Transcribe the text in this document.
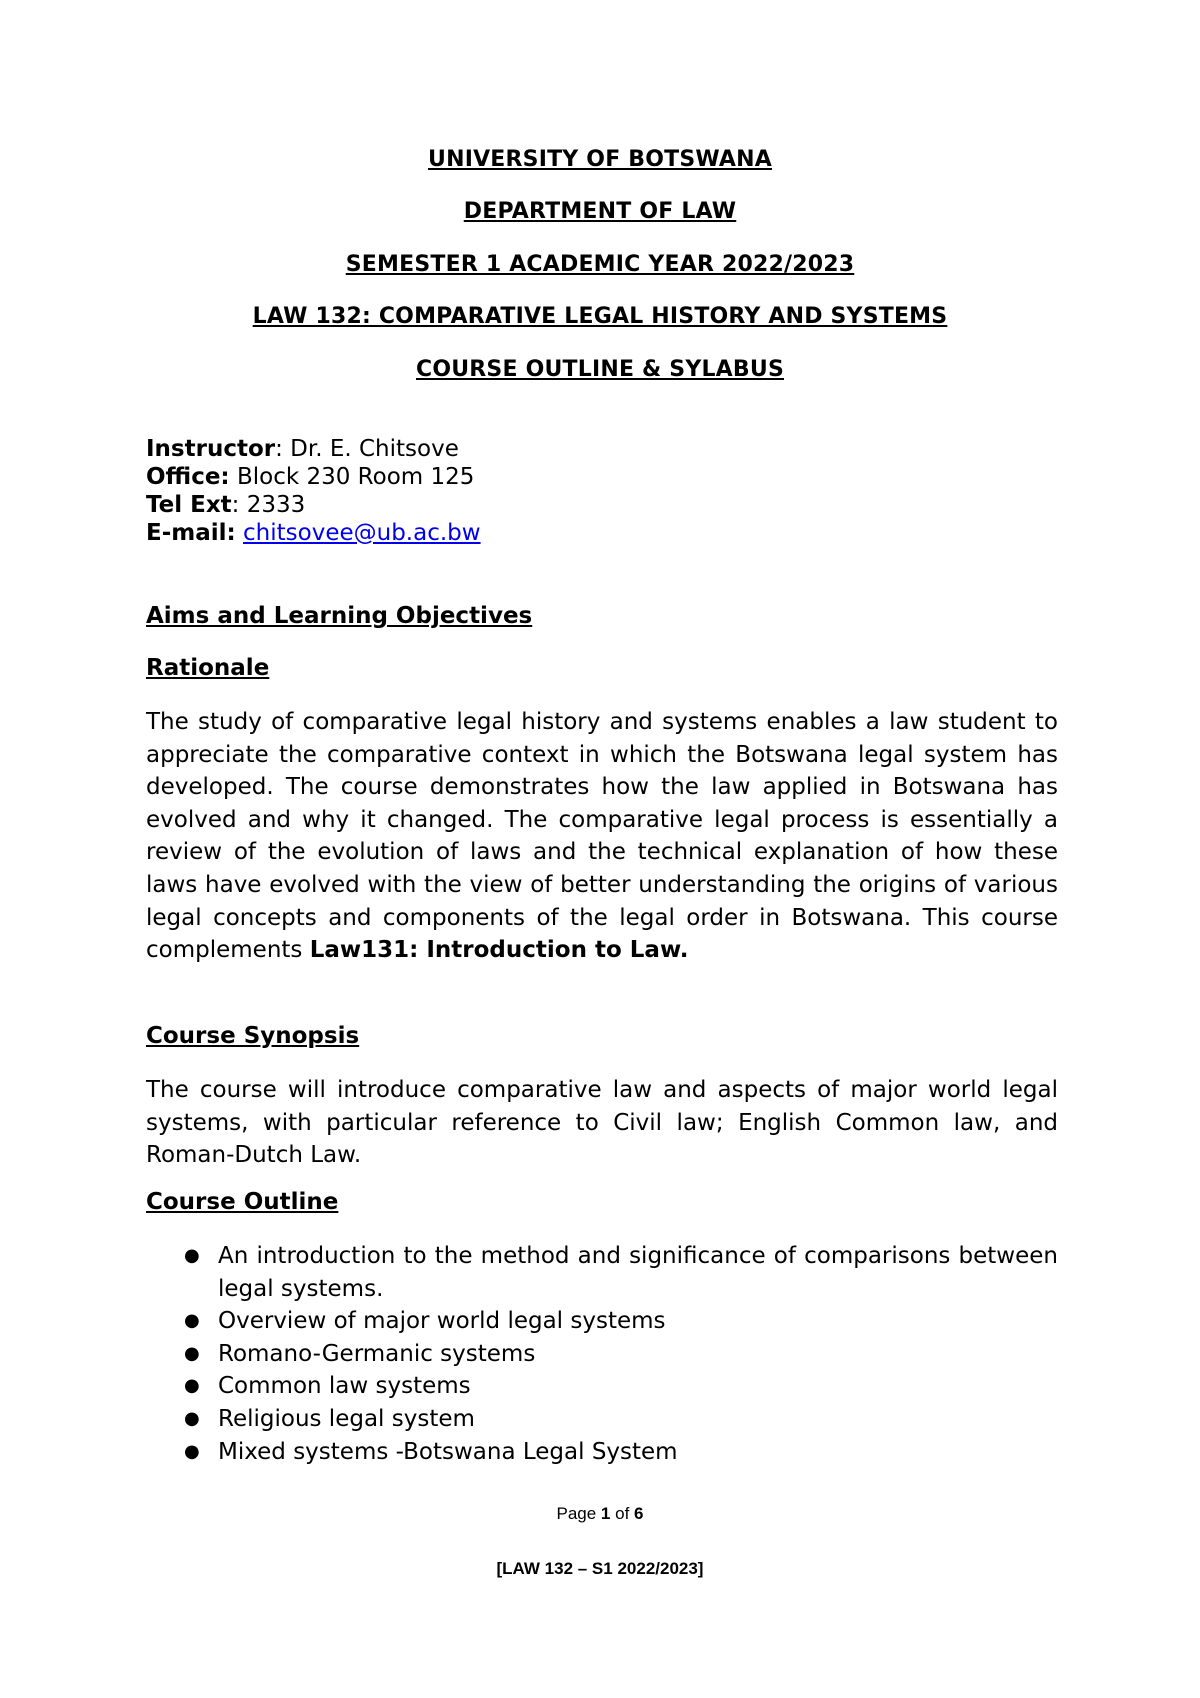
UNIVERSITY OF BOTSWANA
DEPARTMENT OF LAW
SEMESTER 1 ACADEMIC YEAR 2022/2023
LAW 132: COMPARATIVE LEGAL HISTORY AND SYSTEMS
COURSE OUTLINE & SYLABUS
Instructor: Dr. E. Chitsove
Office: Block 230 Room 125
Tel Ext: 2333
E-mail: chitsovee@ub.ac.bw
Aims and Learning Objectives
Rationale
The study of comparative legal history and systems enables a law student to appreciate the comparative context in which the Botswana legal system has developed. The course demonstrates how the law applied in Botswana has evolved and why it changed. The comparative legal process is essentially a review of the evolution of laws and the technical explanation of how these laws have evolved with the view of better understanding the origins of various legal concepts and components of the legal order in Botswana. This course complements Law131: Introduction to Law.
Course Synopsis
The course will introduce comparative law and aspects of major world legal systems, with particular reference to Civil law; English Common law, and Roman-Dutch Law.
Course Outline
● An introduction to the method and significance of comparisons between legal systems.
● Overview of major world legal systems
● Romano-Germanic systems
● Common law systems
● Religious legal system
● Mixed systems -Botswana Legal System
Page 1 of 6
[LAW 132 – S1 2022/2023]
